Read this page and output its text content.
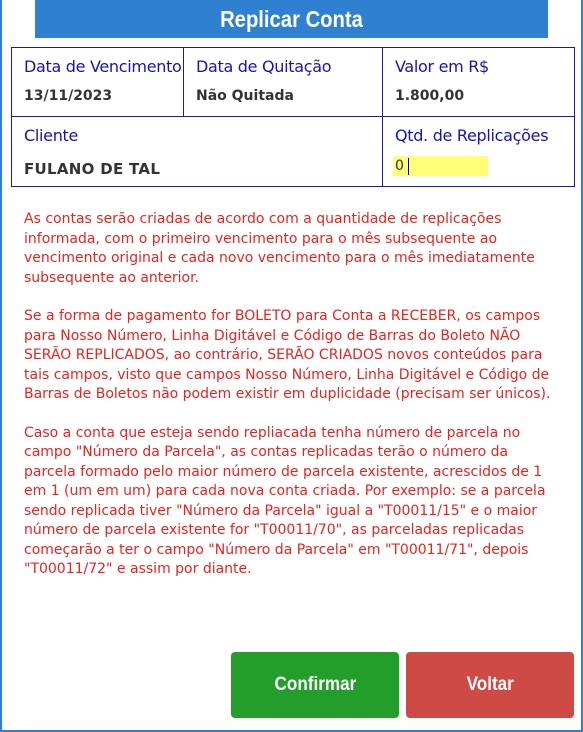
Replicar Conta
Data de Vencimento
13/11/2023
Data de Quitação
Não Quitada
Valor em R$
1.800,00
Cliente
FULANO DE TAL
Qtd. de Replicações
0

As contas serão criadas de acordo com a quantidade de replicações informada, com o primeiro vencimento para o mês subsequente ao vencimento original e cada novo vencimento para o mês imediatamente subsequente ao anterior.

Se a forma de pagamento for BOLETO para Conta a RECEBER, os campos para Nosso Número, Linha Digitável e Código de Barras do Boleto NÃO SERÃO REPLICADOS, ao contrário, SERÃO CRIADOS novos conteúdos para tais campos, visto que campos Nosso Número, Linha Digitável e Código de Barras de Boletos não podem existir em duplicidade (precisam ser únicos).

Caso a conta que esteja sendo repliacada tenha número de parcela no campo "Número da Parcela", as contas replicadas terão o número da parcela formado pelo maior número de parcela existente, acrescidos de 1 em 1 (um em um) para cada nova conta criada. Por exemplo: se a parcela sendo replicada tiver "Número da Parcela" igual a "T00011/15" e o maior número de parcela existente for "T00011/70", as parceladas replicadas começarão a ter o campo "Número da Parcela" em "T00011/71", depois "T00011/72" e assim por diante.

Confirmar	Voltar
